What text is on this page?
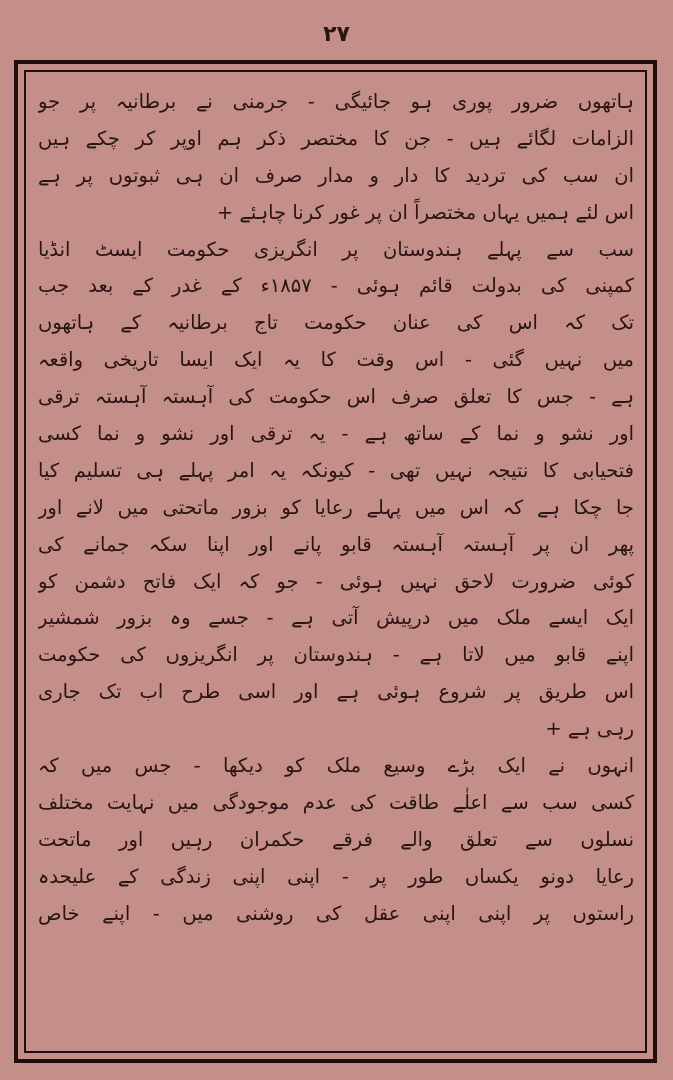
۲۷
ہاتھوں ضرور پوری ہو جائیگی - جرمنی نے برطانیہ پر جو
الزامات لگائے ہیں - جن کا مختصر ذکر ہم اوپر کر چکے ہیں
ان سب کی تردید کا دار و مدار صرف ان ہی ثبوتوں پر ہے
اس لئے ہمیں یہاں مختصراً ان پر غور کرنا چاہئے +
سب سے پہلے ہندوستان پر انگریزی حکومت ایسٹ انڈیا
کمپنی کی بدولت قائم ہوئی - ۱۸۵۷ء کے غدر کے بعد جب
تک کہ اس کی عنان حکومت تاج برطانیہ کے ہاتھوں
میں نہیں گئی - اس وقت کا یہ ایک ایسا تاریخی واقعہ
ہے - جس کا تعلق صرف اس حکومت کی آہستہ آہستہ ترقی
اور نشو و نما کے ساتھ ہے - یہ ترقی اور نشو و نما کسی
فتحیابی کا نتیجہ نہیں تھی - کیونکہ یہ امر پہلے ہی تسلیم کیا
جا چکا ہے کہ اس میں پہلے رعایا کو بزور ماتحتی میں لانے اور
پھر ان پر آہستہ آہستہ قابو پانے اور اپنا سکہ جمانے کی
کوئی ضرورت لاحق نہیں ہوئی - جو کہ ایک فاتح دشمن کو
ایک ایسے ملک میں درپیش آتی ہے - جسے وہ بزور شمشیر
اپنے قابو میں لاتا ہے - ہندوستان پر انگریزوں کی حکومت
اس طریق پر شروع ہوئی ہے اور اسی طرح اب تک جاری
رہی ہے +
انہوں نے ایک بڑے وسیع ملک کو دیکھا - جس میں کہ
کسی سب سے اعلٰے طاقت کی عدم موجودگی میں نہایت مختلف
نسلوں سے تعلق والے فرقے حکمران رہیں اور ماتحت
رعایا دونو یکساں طور پر - اپنی اپنی زندگی کے علیحدہ
راستوں پر اپنی اپنی عقل کی روشنی میں - اپنے خاص
